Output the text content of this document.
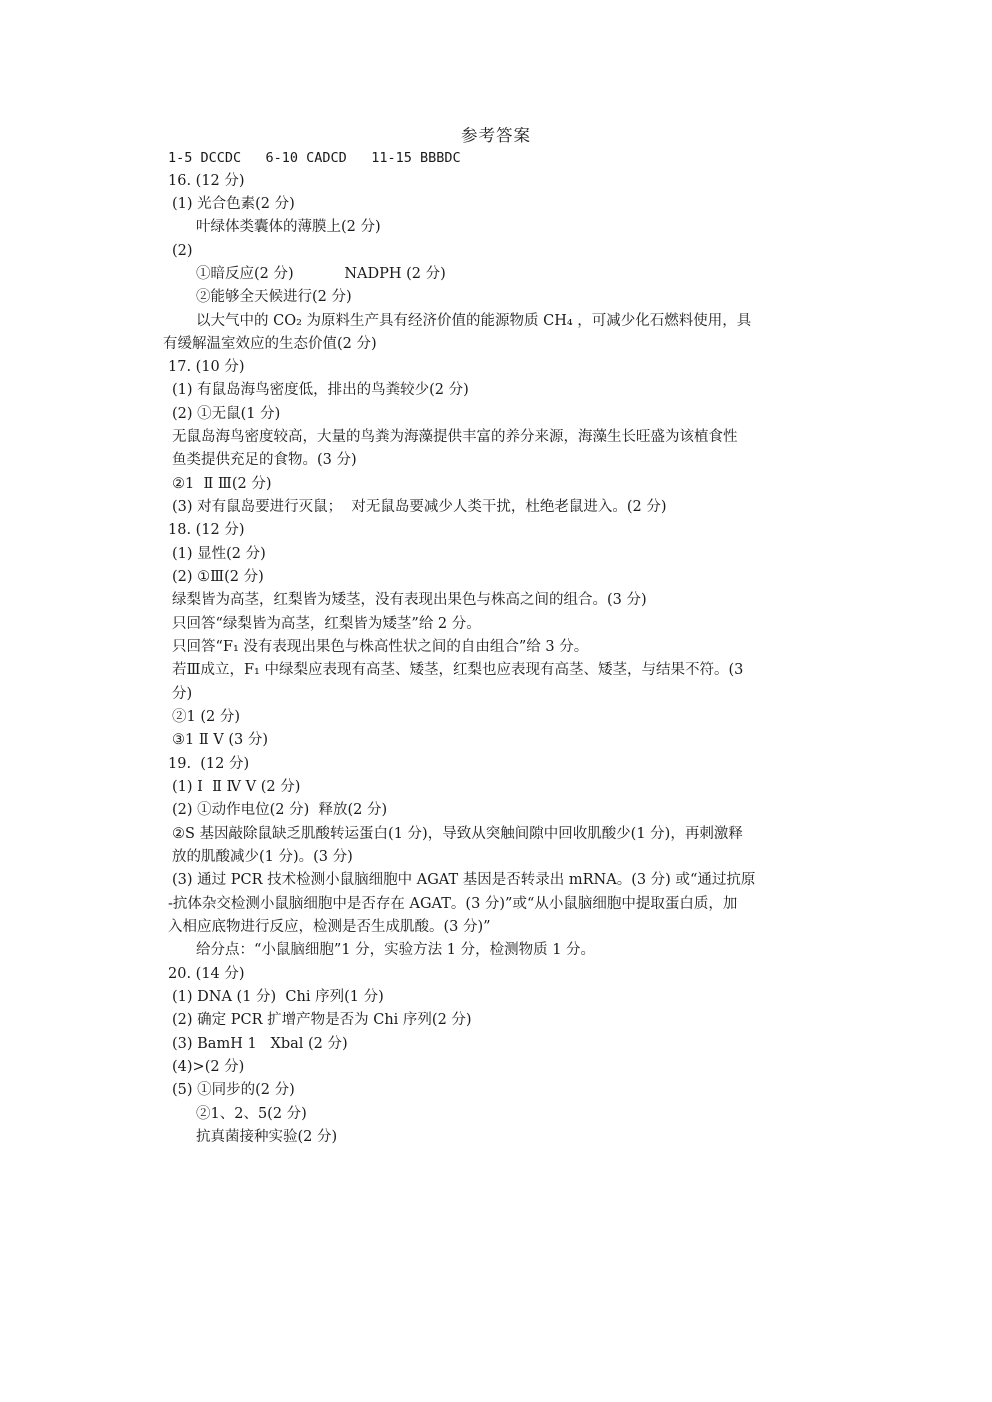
参考答案
1-5 DCCDC   6-10 CADCD   11-15 BBBDC
16. (12 分)
(1) 光合色素(2 分)
叶绿体类囊体的薄膜上(2 分)
(2)
①暗反应(2 分)           NADPH (2 分)
②能够全天候进行(2 分)
以大气中的 CO₂ 为原料生产具有经济价值的能源物质 CH₄ ，可减少化石燃料使用，具
有缓解温室效应的生态价值(2 分)
17. (10 分)
(1) 有鼠岛海鸟密度低，排出的鸟粪较少(2 分)
(2) ①无鼠(1 分)
无鼠岛海鸟密度较高，大量的鸟粪为海藻提供丰富的养分来源，海藻生长旺盛为该植食性
鱼类提供充足的食物。(3 分)
②1  Ⅱ Ⅲ(2 分)
(3) 对有鼠岛要进行灭鼠；  对无鼠岛要减少人类干扰，杜绝老鼠进入。(2 分)
18. (12 分)
(1) 显性(2 分)
(2) ①Ⅲ(2 分)
绿梨皆为高茎，红梨皆为矮茎，没有表现出果色与株高之间的组合。(3 分)
只回答“绿梨皆为高茎，红梨皆为矮茎”给 2 分。
只回答“F₁ 没有表现出果色与株高性状之间的自由组合”给 3 分。
若Ⅲ成立，F₁ 中绿梨应表现有高茎、矮茎，红梨也应表现有高茎、矮茎，与结果不符。(3
分)
②1 (2 分)
③1 Ⅱ Ⅴ (3 分)
19.  (12 分)
(1) Ⅰ  Ⅱ Ⅳ Ⅴ (2 分)
(2) ①动作电位(2 分)  释放(2 分)
②S 基因敲除鼠缺乏肌酸转运蛋白(1 分)，导致从突触间隙中回收肌酸少(1 分)，再刺激释
放的肌酸减少(1 分)。(3 分)
(3) 通过 PCR 技术检测小鼠脑细胞中 AGAT 基因是否转录出 mRNA。(3 分) 或“通过抗原
-抗体杂交检测小鼠脑细胞中是否存在 AGAT。(3 分)”或“从小鼠脑细胞中提取蛋白质，加
入相应底物进行反应，检测是否生成肌酸。(3 分)”
给分点：“小鼠脑细胞”1 分，实验方法 1 分，检测物质 1 分。
20. (14 分)
(1) DNA (1 分)  Chi 序列(1 分)
(2) 确定 PCR 扩增产物是否为 Chi 序列(2 分)
(3) BamH 1   Xbal (2 分)
(4)>(2 分)
(5) ①同步的(2 分)
②1、2、5(2 分)
抗真菌接种实验(2 分)
